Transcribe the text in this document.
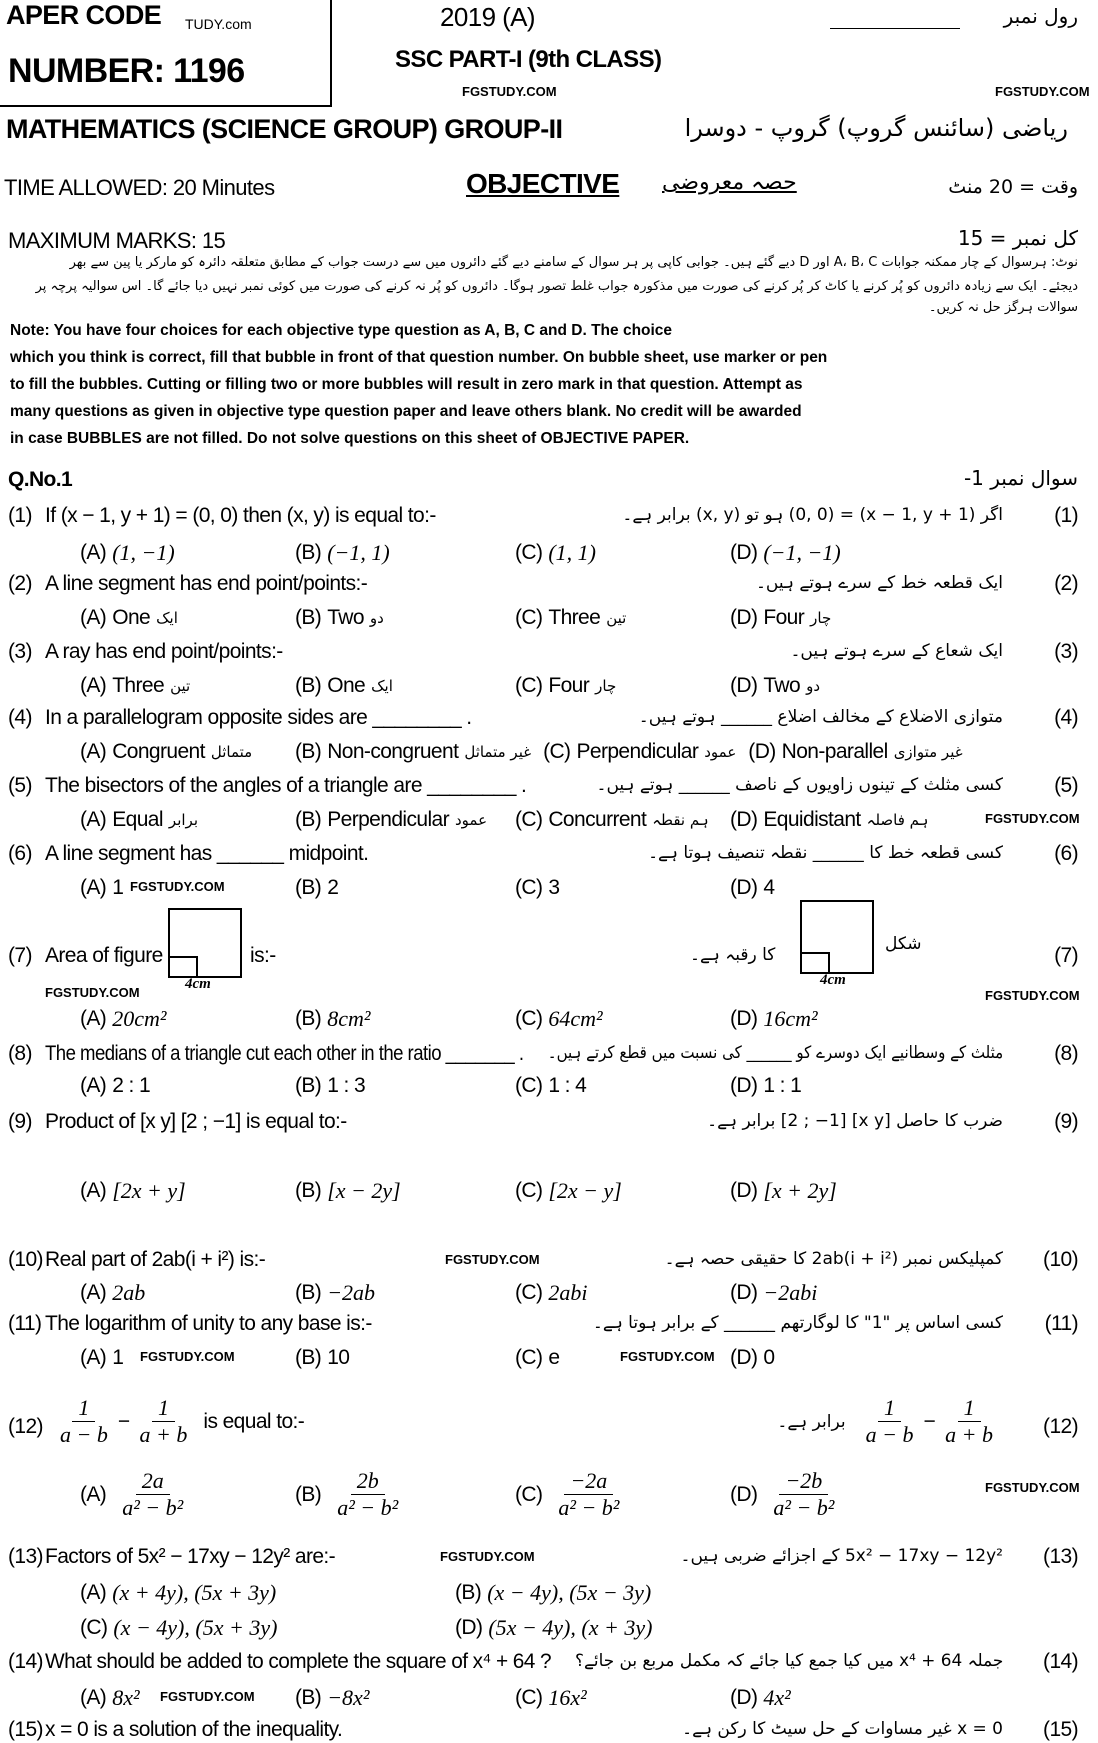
APER CODE TUDY.com
NUMBER: 1196
2019 (A)	رول نمبر
SSC PART-I (9th CLASS)
FGSTUDY.COM	FGSTUDY.COM
MATHEMATICS (SCIENCE GROUP) GROUP-II	ریاضی (سائنس گروپ) گروپ - دوسرا
TIME ALLOWED: 20 Minutes	OBJECTIVE حصہ معروضی	وقت = 20 منٹ
MAXIMUM MARKS: 15	کل نمبر = 15
نوٹ: ہرسوال کے چار ممکنہ جوابات A، B، C اور D دیے گئے ہیں۔ جوابی کاپی پر ہر سوال کے سامنے دیے گئے دائروں میں سے درست جواب کے مطابق متعلقہ دائرہ کو مارکر یا پین سے بھر
دیجئے۔ ایک سے زیادہ دائروں کو پُر کرنے یا کاٹ کر پُر کرنے کی صورت میں مذکورہ جواب غلط تصور ہوگا۔ دائروں کو پُر نہ کرنے کی صورت میں کوئی نمبر نہیں دیا جائے گا۔ اس سوالیہ پرچہ پر
سوالات ہرگز حل نہ کریں۔
Note: You have four choices for each objective type question as A, B, C and D. The choice
which you think is correct, fill that bubble in front of that question number. On bubble sheet, use marker or pen
to fill the bubbles. Cutting or filling two or more bubbles will result in zero mark in that question. Attempt as
many questions as given in objective type question paper and leave others blank. No credit will be awarded
in case BUBBLES are not filled. Do not solve questions on this sheet of OBJECTIVE PAPER.
Q.No.1	سوال نمبر 1-
(1)	(1)
If (x − 1, y + 1) = (0, 0) then (x, y) is equal to:-	اگر (x − 1, y + 1) = (0, 0) ہو تو (x, y) برابر ہے۔
(A) (1, −1)	(B) (−1, 1)	(C) (1, 1)	(D) (−1, −1)
(2)	(2)
A line segment has end point/points:-	ایک قطعہ خط کے سرے ہوتے ہیں۔
(A) One ایک	(B) Two دو	(C) Three تین	(D) Four چار
(3)	(3)
A ray has end point/points:-	ایک شعاع کے سرے ہوتے ہیں۔
(A) Three تین	(B) One ایک	(C) Four چار	(D) Two دو
(4)	(4)
In a parallelogram opposite sides are ________ .	متوازی الاضلاع کے مخالف اضلاع ______ ہوتے ہیں۔
(A) Congruent متماثل (B) Non-congruent غیر متماثل (C) Perpendicular عمود (D) Non-parallel غیر متوازی
(5)	(5)
The bisectors of the angles of a triangle are ________ .	کسی مثلث کے تینوں زاویوں کے ناصف ______ ہوتے ہیں۔
(A) Equal برابر	(B) Perpendicular عمود (C) Concurrent ہم نقطہ (D) Equidistant ہم فاصلہ
(6)	(6)
A line segment has ______ midpoint.	کسی قطعہ خط کا ______ نقطہ تنصیف ہوتا ہے۔
(A) 1	(B) 2	(C) 3	(D) 4
(7)	(7)
Area of figure
4cm
is:-
4cm
کا رقبہ ہے۔
شکل
(A) 20cm²	(B) 8cm²	(C) 64cm²	(D) 16cm²
(8)	(8)
The medians of a triangle cut each other in the ratio _______ . مثلث کے وسطانیے ایک دوسرے کو ______ کی نسبت میں قطع کرتے ہیں۔
(A) 2 : 1	(B) 1 : 3	(C) 1 : 4	(D) 1 : 1
(9)	(9)
Product of [x y] [2 ; −1] is equal to:-	ضرب کا حاصل [x y] [2 ; −1] برابر ہے۔
(A) [2x + y]	(B) [x − 2y]	(C) [2x − y]	(D) [x + 2y]
(10)	(10)
Real part of 2ab(i + i²) is:-	کمپلیکس نمبر 2ab(i + i²) کا حقیقی حصہ ہے۔
(A) 2ab	(B) −2ab	(C) 2abi	(D) −2abi
(11)	(11)
The logarithm of unity to any base is:-	کسی اساس پر "1" کا لوگارتھم ______ کے برابر ہوتا ہے۔
(A) 1	(B) 10	(C) e	(D) 0
(12)	(12)
$\frac{1}{a - b} - \frac{1}{a + b}$ is equal to:-	برابر ہے۔ $\frac{1}{a - b} - \frac{1}{a + b}$
$(A) \frac{2a}{\text{a² − b²}}$	$(B) \frac{2b}{\text{a² − b²}}$	$(C) \frac{-2a}{\text{a² − b²}}$	$(D) \frac{-2b}{\text{a² − b²}}$
(13)	(13)
Factors of 5x² − 17xy − 12y² are:-	5x² − 17xy − 12y² کے اجزائے ضربی ہیں۔
(A) (x + 4y), (5x + 3y)	(B) (x − 4y), (5x − 3y)
(C) (x − 4y), (5x + 3y)	(D) (5x − 4y), (x + 3y)
(14)	(14)
What should be added to complete the square of x⁴ + 64 ? جملہ x⁴ + 64 میں کیا جمع کیا جائے کہ مکمل مربع بن جائے؟
(A) 8x²	(B) −8x²	(C) 16x²	(D) 4x²
(15)	(15)
x = 0 is a solution of the inequality.	x = 0 غیر مساوات کے حل سیٹ کا رکن ہے۔
FGSTUDY.COM
FGSTUDY.COM
FGSTUDY.COM	FGSTUDY.COM
FGSTUDY.COM
FGSTUDY.COM	FGSTUDY.COM
FGSTUDY.COM
FGSTUDY.COM
FGSTUDY.COM
